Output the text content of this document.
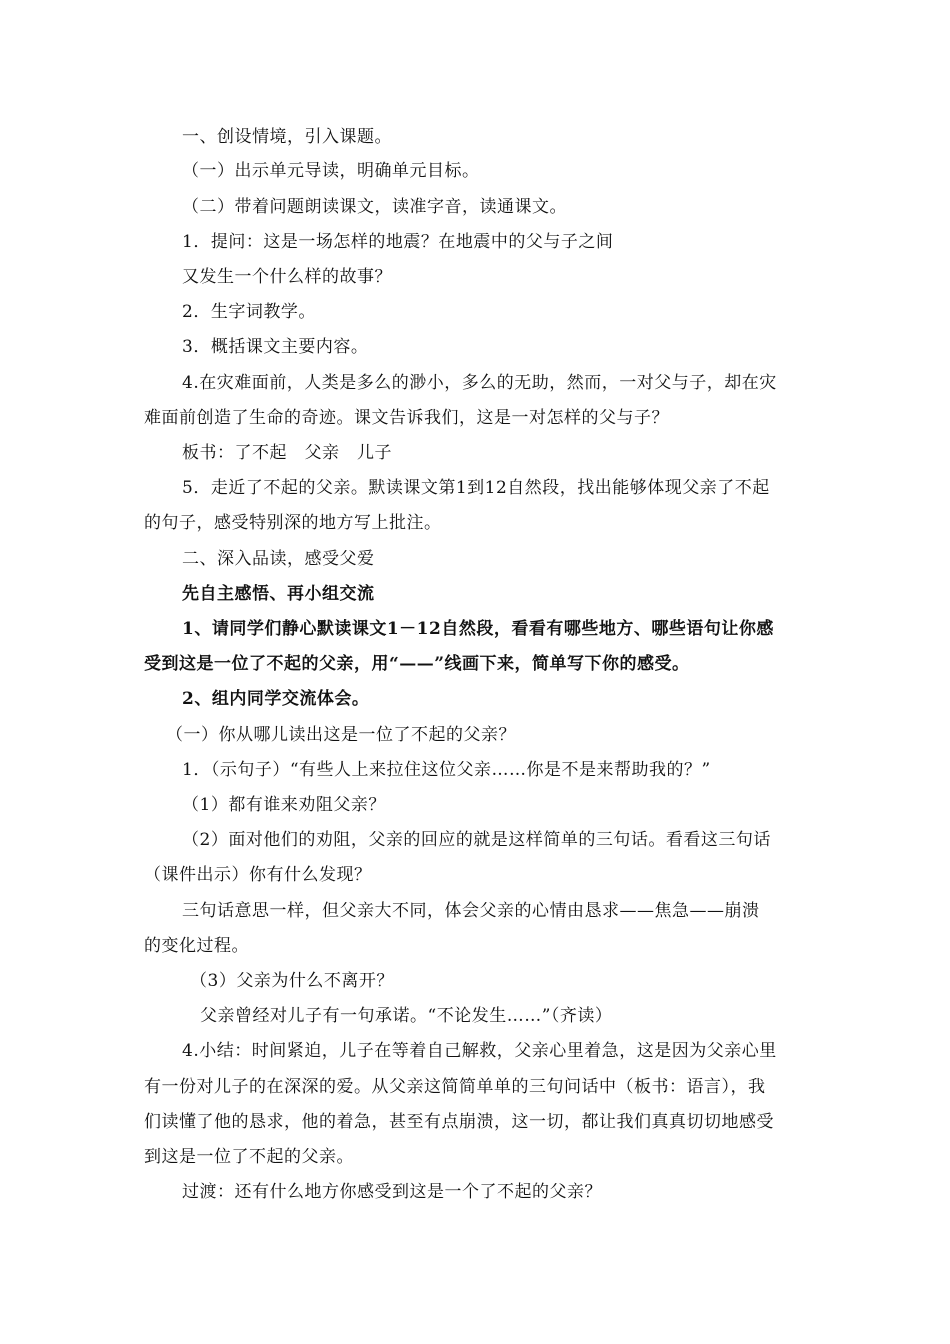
一、创设情境，引入课题。
（一）出示单元导读，明确单元目标。
（二）带着问题朗读课文，读准字音，读通课文。
1．提问：这是一场怎样的地震？在地震中的父与子之间
又发生一个什么样的故事？
2．生字词教学。
3．概括课文主要内容。
4.在灾难面前，人类是多么的渺小，多么的无助，然而，一对父与子，却在灾
难面前创造了生命的奇迹。课文告诉我们，这是一对怎样的父与子？
板书：了不起　父亲　儿子
5．走近了不起的父亲。默读课文第1到12自然段，找出能够体现父亲了不起
的句子，感受特别深的地方写上批注。
二、深入品读，感受父爱
先自主感悟、再小组交流
1、请同学们静心默读课文1－12自然段，看看有哪些地方、哪些语句让你感
受到这是一位了不起的父亲，用“——”线画下来，简单写下你的感受。
2、组内同学交流体会。
（一）你从哪儿读出这是一位了不起的父亲？
1．（示句子）“有些人上来拉住这位父亲……你是不是来帮助我的？”
（1）都有谁来劝阻父亲？
（2）面对他们的劝阻，父亲的回应的就是这样简单的三句话。看看这三句话
（课件出示）你有什么发现？
三句话意思一样，但父亲大不同，体会父亲的心情由恳求——焦急——崩溃
的变化过程。
（3）父亲为什么不离开？
父亲曾经对儿子有一句承诺。“不论发生……”（齐读）
4.小结：时间紧迫，儿子在等着自己解救，父亲心里着急，这是因为父亲心里
有一份对儿子的在深深的爱。从父亲这简简单单的三句问话中（板书：语言），我
们读懂了他的恳求，他的着急，甚至有点崩溃，这一切，都让我们真真切切地感受
到这是一位了不起的父亲。
过渡：还有什么地方你感受到这是一个了不起的父亲？
